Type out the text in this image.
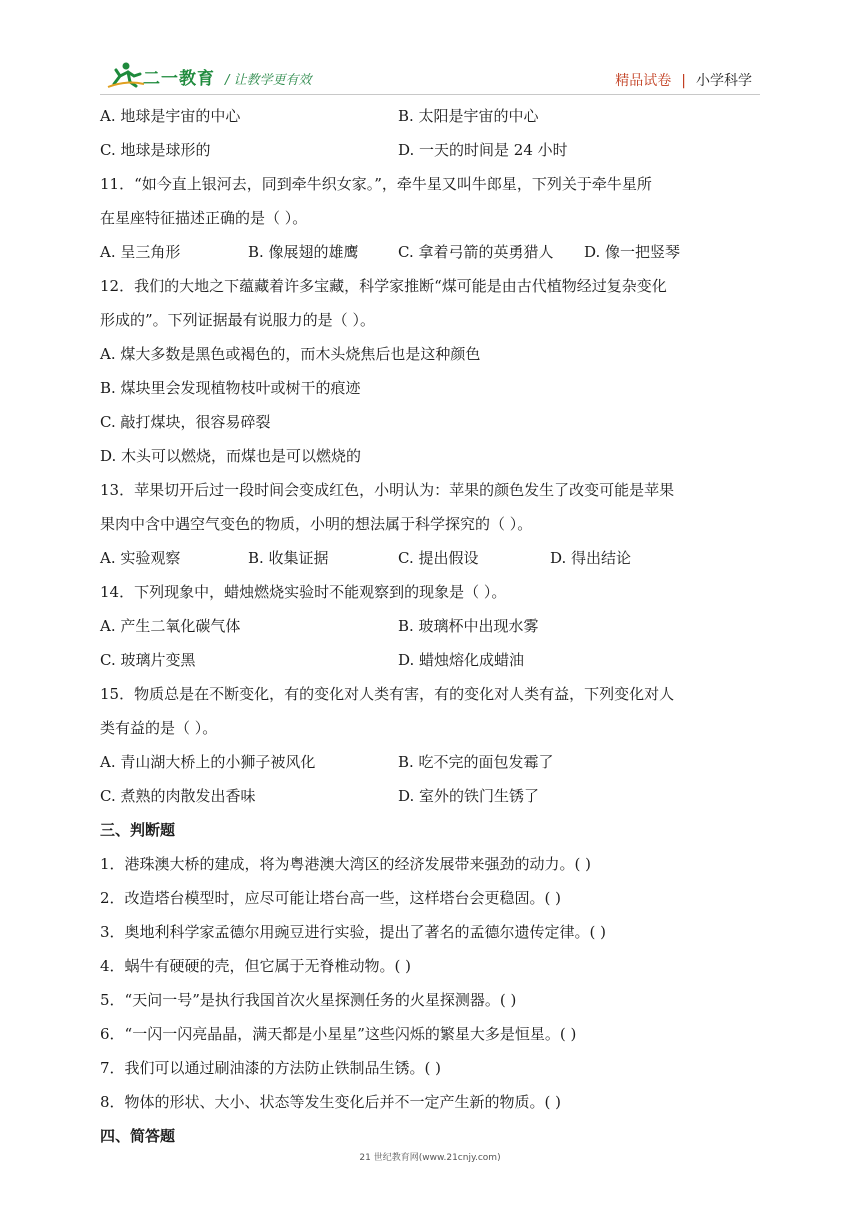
二一教育 / 让教学更有效	精品试卷 | 小学科学
A. 地球是宇宙的中心	B. 太阳是宇宙的中心
C. 地球是球形的	D. 一天的时间是 24 小时
11．“如今直上银河去，同到牵牛织女家。”，牵牛星又叫牛郎星，下列关于牵牛星所
在星座特征描述正确的是（ ）。
A. 呈三角形	B. 像展翅的雄鹰	C. 拿着弓箭的英勇猎人 D. 像一把竖琴
12．我们的大地之下蕴藏着许多宝藏，科学家推断“煤可能是由古代植物经过复杂变化
形成的”。下列证据最有说服力的是（ ）。
A. 煤大多数是黑色或褐色的，而木头烧焦后也是这种颜色
B. 煤块里会发现植物枝叶或树干的痕迹
C. 敲打煤块，很容易碎裂
D. 木头可以燃烧，而煤也是可以燃烧的
13．苹果切开后过一段时间会变成红色，小明认为：苹果的颜色发生了改变可能是苹果
果肉中含中遇空气变色的物质，小明的想法属于科学探究的（ ）。
A. 实验观察	B. 收集证据	C. 提出假设	D. 得出结论
14．下列现象中，蜡烛燃烧实验时不能观察到的现象是（ ）。
A. 产生二氧化碳气体	B. 玻璃杯中出现水雾
C. 玻璃片变黑	D. 蜡烛熔化成蜡油
15．物质总是在不断变化，有的变化对人类有害，有的变化对人类有益，下列变化对人
类有益的是（ ）。
A. 青山湖大桥上的小狮子被风化	B. 吃不完的面包发霉了
C. 煮熟的肉散发出香味	D. 室外的铁门生锈了
三、判断题
1．港珠澳大桥的建成，将为粤港澳大湾区的经济发展带来强劲的动力。( )
2．改造塔台模型时，应尽可能让塔台高一些，这样塔台会更稳固。( )
3．奥地利科学家孟德尔用豌豆进行实验，提出了著名的孟德尔遗传定律。( )
4．蜗牛有硬硬的壳，但它属于无脊椎动物。( )
5．“天问一号”是执行我国首次火星探测任务的火星探测器。( )
6．“一闪一闪亮晶晶，满天都是小星星”这些闪烁的繁星大多是恒星。( )
7．我们可以通过刷油漆的方法防止铁制品生锈。( )
8．物体的形状、大小、状态等发生变化后并不一定产生新的物质。( )
四、简答题
21 世纪教育网(www.21cnjy.com)
